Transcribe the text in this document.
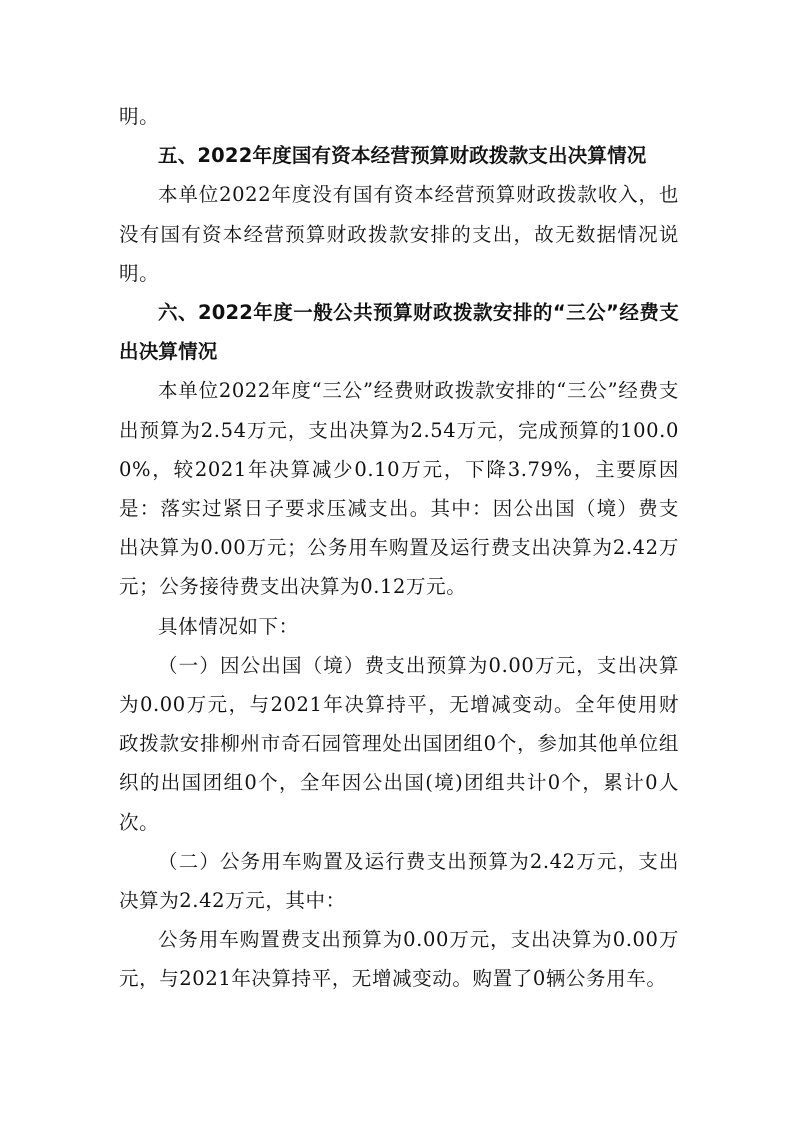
明。

五、2022年度国有资本经营预算财政拨款支出决算情况

本单位2022年度没有国有资本经营预算财政拨款收入，也没有国有资本经营预算财政拨款安排的支出，故无数据情况说明。

六、2022年度一般公共预算财政拨款安排的“三公”经费支出决算情况

本单位2022年度“三公”经费财政拨款安排的“三公”经费支出预算为2.54万元，支出决算为2.54万元，完成预算的100.00%，较2021年决算减少0.10万元，下降3.79%，主要原因是：落实过紧日子要求压减支出。其中：因公出国（境）费支出决算为0.00万元；公务用车购置及运行费支出决算为2.42万元；公务接待费支出决算为0.12万元。

具体情况如下：

（一）因公出国（境）费支出预算为0.00万元，支出决算为0.00万元，与2021年决算持平，无增减变动。全年使用财政拨款安排柳州市奇石园管理处出国团组0个，参加其他单位组织的出国团组0个，全年因公出国(境)团组共计0个，累计0人次。

（二）公务用车购置及运行费支出预算为2.42万元，支出决算为2.42万元，其中：

公务用车购置费支出预算为0.00万元，支出决算为0.00万元，与2021年决算持平，无增减变动。购置了0辆公务用车。
